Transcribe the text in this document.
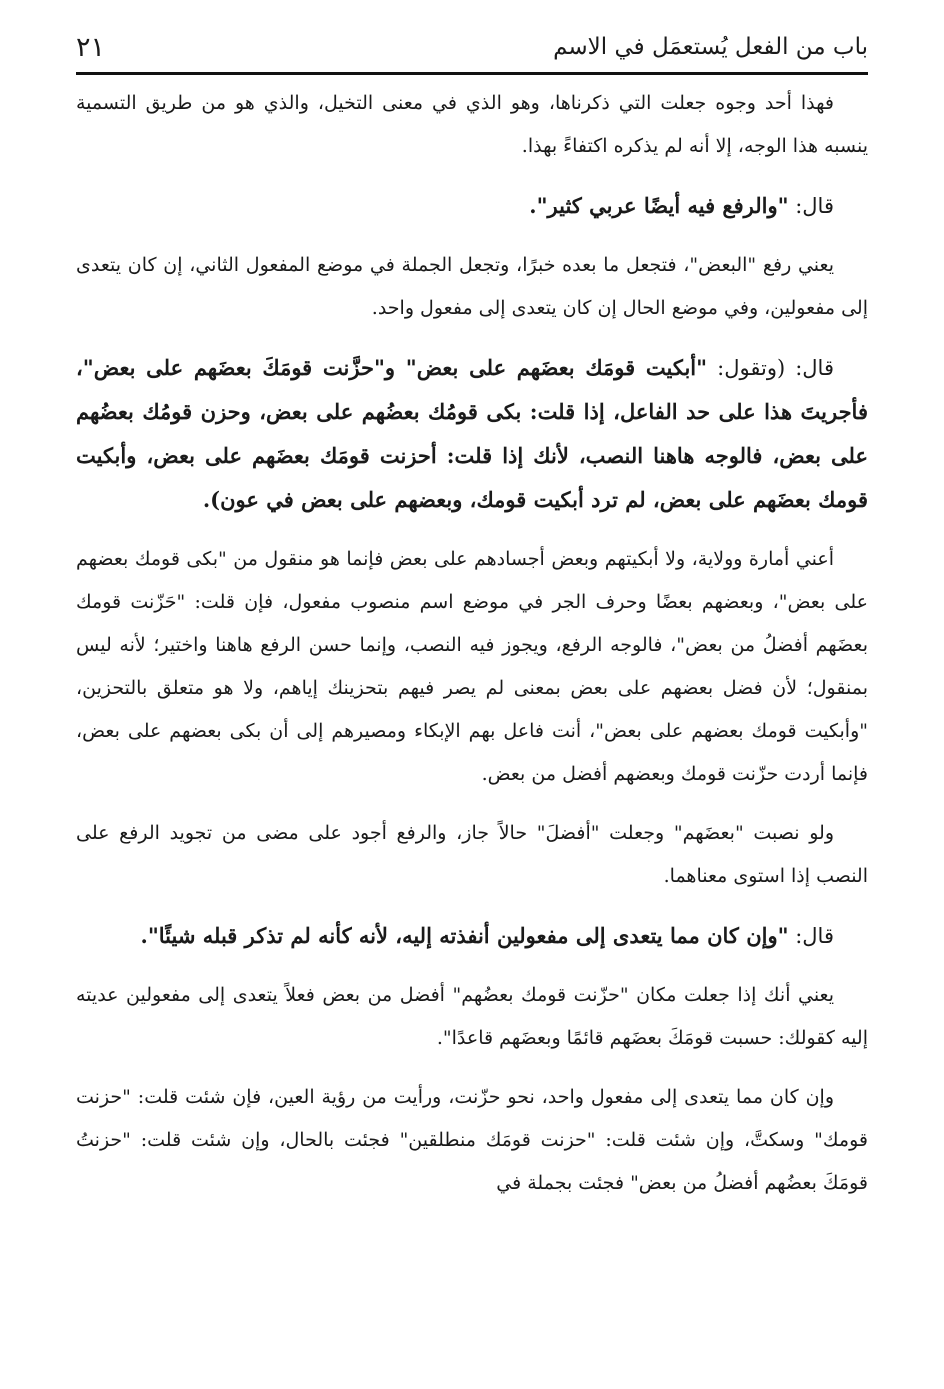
٢١	باب من الفعل يُستعمَل في الاسم

فهذا أحد وجوه جعلت التي ذكرناها، وهو الذي في معنى التخيل، والذي هو من طريق التسمية ينسبه هذا الوجه، إلا أنه لم يذكره اكتفاءً بهذا.

قال: "والرفع فيه أيضًا عربي كثير".

يعني رفع "البعض"، فتجعل ما بعده خبرًا، وتجعل الجملة في موضع المفعول الثاني، إن كان يتعدى إلى مفعولين، وفي موضع الحال إن كان يتعدى إلى مفعول واحد.

قال: (وتقول: "أبكيت قومَك بعضَهم على بعض" و"حزَّنت قومَكَ بعضَهم على بعض"، فأجريتَ هذا على حد الفاعل، إذا قلت: بكى قومُك بعضُهم على بعض، وحزن قومُك بعضُهم على بعض، فالوجه هاهنا النصب، لأنك إذا قلت: أحزنت قومَك بعضَهم على بعض، وأبكيت قومك بعضَهم على بعض، لم ترد أبكيت قومك، وبعضهم على بعض في عون).

أعني أمارة وولاية، ولا أبكيتهم وبعض أجسادهم على بعض فإنما هو منقول من "بكى قومك بعضهم على بعض"، وبعضهم بعضًا وحرف الجر في موضع اسم منصوب مفعول، فإن قلت: "حَزّنت قومك بعضَهم أفضلُ من بعض"، فالوجه الرفع، ويجوز فيه النصب، وإنما حسن الرفع هاهنا واختير؛ لأنه ليس بمنقول؛ لأن فضل بعضهم على بعض بمعنى لم يصر فيهم بتحزينك إياهم، ولا هو متعلق بالتحزين، "وأبكيت قومك بعضهم على بعض"، أنت فاعل بهم الإبكاء ومصيرهم إلى أن بكى بعضهم على بعض، فإنما أردت حزّنت قومك وبعضهم أفضل من بعض.

ولو نصبت "بعضَهم" وجعلت "أفضلَ" حالاً جاز، والرفع أجود على مضى من تجويد الرفع على النصب إذا استوى معناهما.

قال: "وإن كان مما يتعدى إلى مفعولين أنفذته إليه، لأنه كأنه لم تذكر قبله شيئًا".

يعني أنك إذا جعلت مكان "حزّنت قومك بعضُهم" أفضل من بعض فعلاً يتعدى إلى مفعولين عديته إليه كقولك: حسبت قومَكَ بعضَهم قائمًا وبعضَهم قاعدًا".

وإن كان مما يتعدى إلى مفعول واحد، نحو حزّنت، ورأيت من رؤية العين، فإن شئت قلت: "حزنت قومك" وسكتَّ، وإن شئت قلت: "حزنت قومَك منطلقين" فجئت بالحال، وإن شئت قلت: "حزنتُ قومَكَ بعضُهم أفضلُ من بعض" فجئت بجملة في
